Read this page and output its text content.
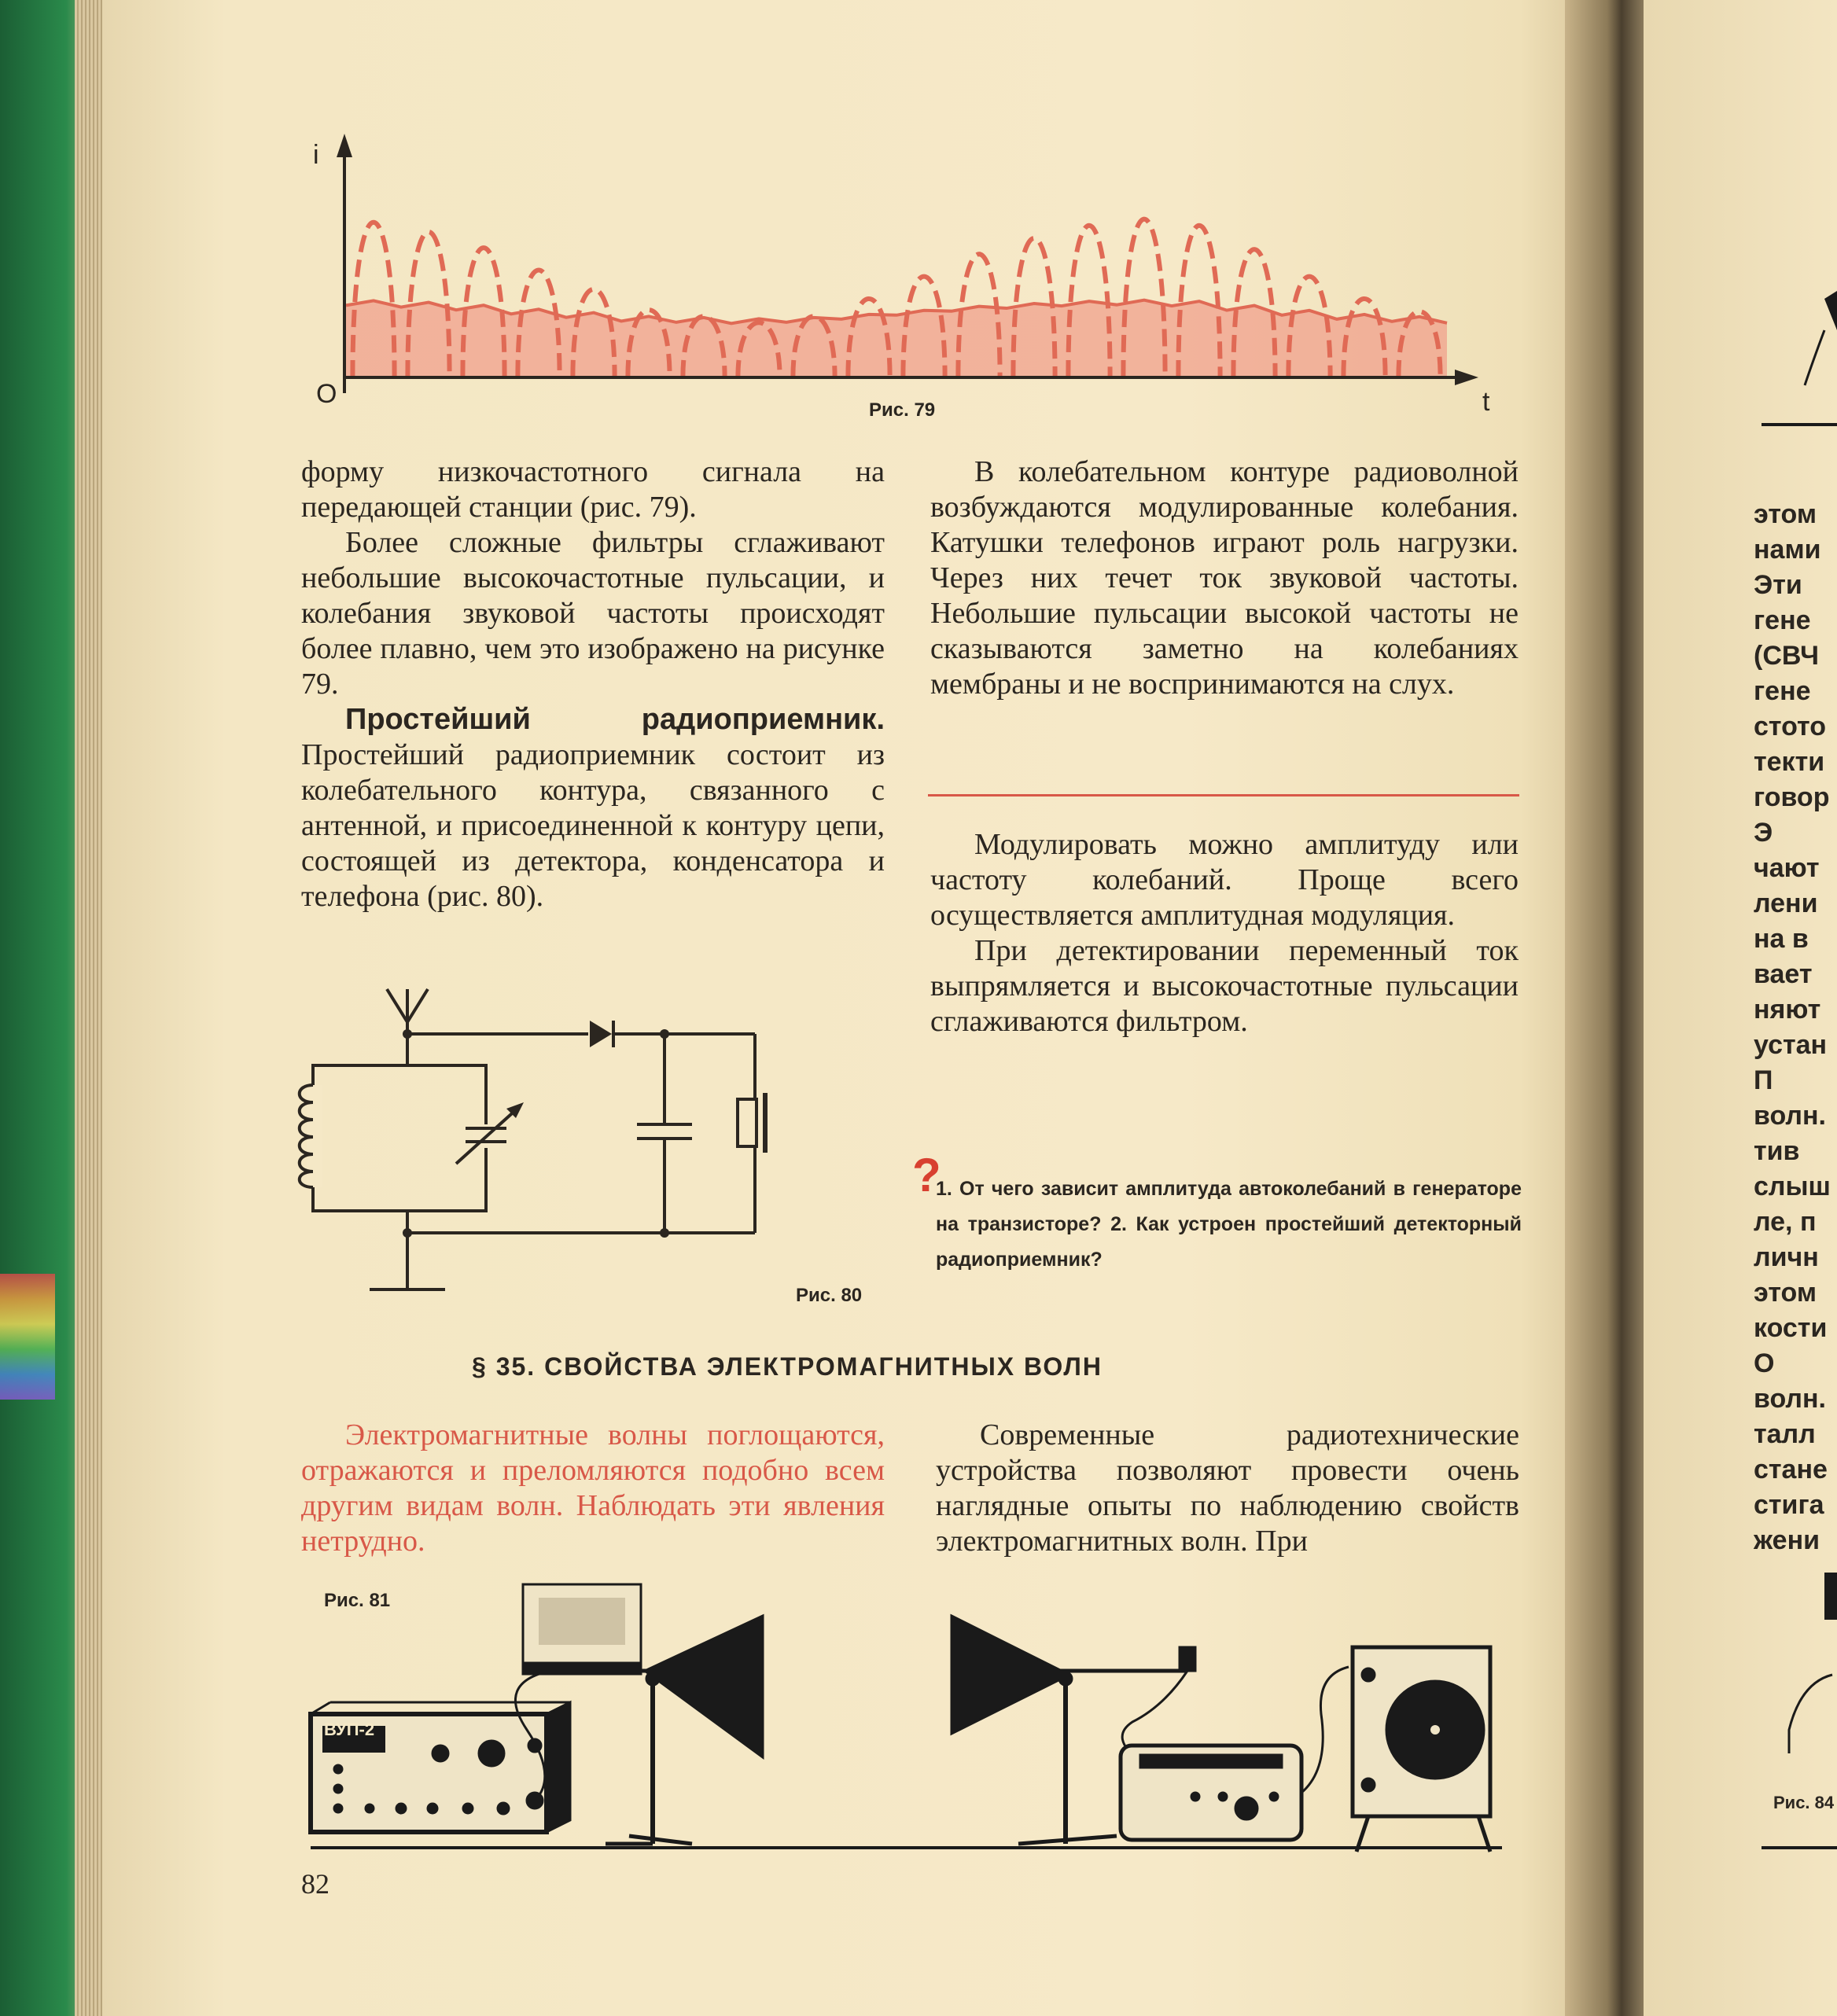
этом
нами
Эти
гене
(СВЧ
гене
стото
текти
говор
Э
чают
лени
на в
вает
няют
устан
П
волн.
тив
слыш
ле, п
личн
этом
кости
О
волн.
талл
стане
стига
жени
Рис. 84
i
t
O
Рис. 79

форму низкочастотного сигнала на передающей станции (рис. 79).

Более сложные фильтры сглаживают небольшие высокочастотные пульсации, и колебания звуковой частоты происходят более плавно, чем это изображено на рисунке 79.

Простейший радиоприемник. Простейший радиоприемник состоит из колебательного контура, связанного с антенной, и присоединенной к контуру цепи, состоящей из детектора, конденсатора и телефона (рис. 80).

В колебательном контуре радиоволной возбуждаются модулированные колебания. Катушки телефонов играют роль нагрузки. Через них течет ток звуковой частоты. Небольшие пульсации высокой частоты не сказываются заметно на колебаниях мембраны и не воспринимаются на слух.

Модулировать можно амплитуду или частоту колебаний. Проще всего осуществляется амплитудная модуляция.

При детектировании переменный ток выпрямляется и высокочастотные пульсации сглаживаются фильтром.

Рис. 80
?
1. От чего зависит амплитуда автоколебаний в генераторе на транзисторе? 2. Как устроен простейший детекторный радиоприемник?
§ 35. СВОЙСТВА ЭЛЕКТРОМАГНИТНЫХ ВОЛН

Электромагнитные волны поглощаются, отражаются и преломляются подобно всем другим видам волн. Наблюдать эти явления нетрудно.

Современные радиотехнические устройства позволяют провести очень наглядные опыты по наблюдению свойств электромагнитных волн. При

Рис. 81
ВУП-2
82
